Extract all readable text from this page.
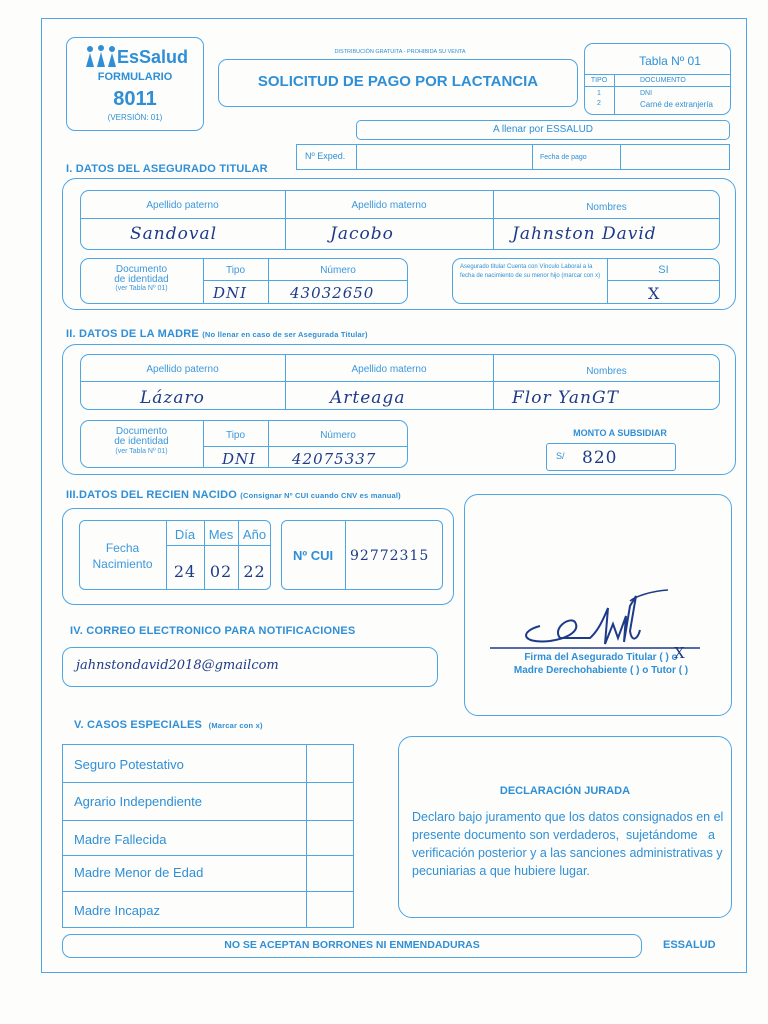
EsSalud
FORMULARIO
8011
(VERSIÓN: 01)
DISTRIBUCIÓN GRATUITA - PROHIBIDA SU VENTA
SOLICITUD DE PAGO POR LACTANCIA
Tabla Nº 01
TIPO	DOCUMENTO
1	DNI
2	Carné de extranjería
A llenar por ESSALUD
Nº Exped.	Fecha de pago
I. DATOS DEL ASEGURADO TITULAR
Apellido paterno	Apellido materno	Nombres
Sandoval	Jacobo	Jahnston David
Documento
de identidad
(ver Tabla Nº 01)
Tipo	Número
DNI	43032650
Asegurado titular Cuenta con Vínculo Laboral a la fecha de nacimiento de su menor hijo (marcar con x)	SI
X
II. DATOS DE LA MADRE (No llenar en caso de ser Asegurada Titular)
Apellido paterno	Apellido materno	Nombres
Lázaro	Arteaga	Flor YanGT
Documento
de identidad
(ver Tabla Nº 01)
Tipo	Número
DNI 42075337
MONTO A SUBSIDIAR
S/ 820
III.DATOS DEL RECIEN NACIDO (Consignar Nº CUI cuando CNV es manual)
Fecha
Nacimiento
Día	Mes Año
24 02 22
Nº CUI 92772315
Firma del Asegurado Titular ( ) o
Madre Derechohabiente ( ) o Tutor ( )
X
IV. CORREO ELECTRONICO PARA NOTIFICACIONES
jahnstondavid2018@gmailcom
V. CASOS ESPECIALES (Marcar con x)
Seguro Potestativo
Agrario Independiente
Madre Fallecida
Madre Menor de Edad
Madre Incapaz
DECLARACIÓN JURADA
Declaro bajo juramento que los datos consignados en el
presente documento son verdaderos,  sujetándome   a
verificación posterior y a las sanciones administrativas y
pecuniarias a que hubiere lugar.
NO SE ACEPTAN BORRONES NI ENMENDADURAS	ESSALUD
